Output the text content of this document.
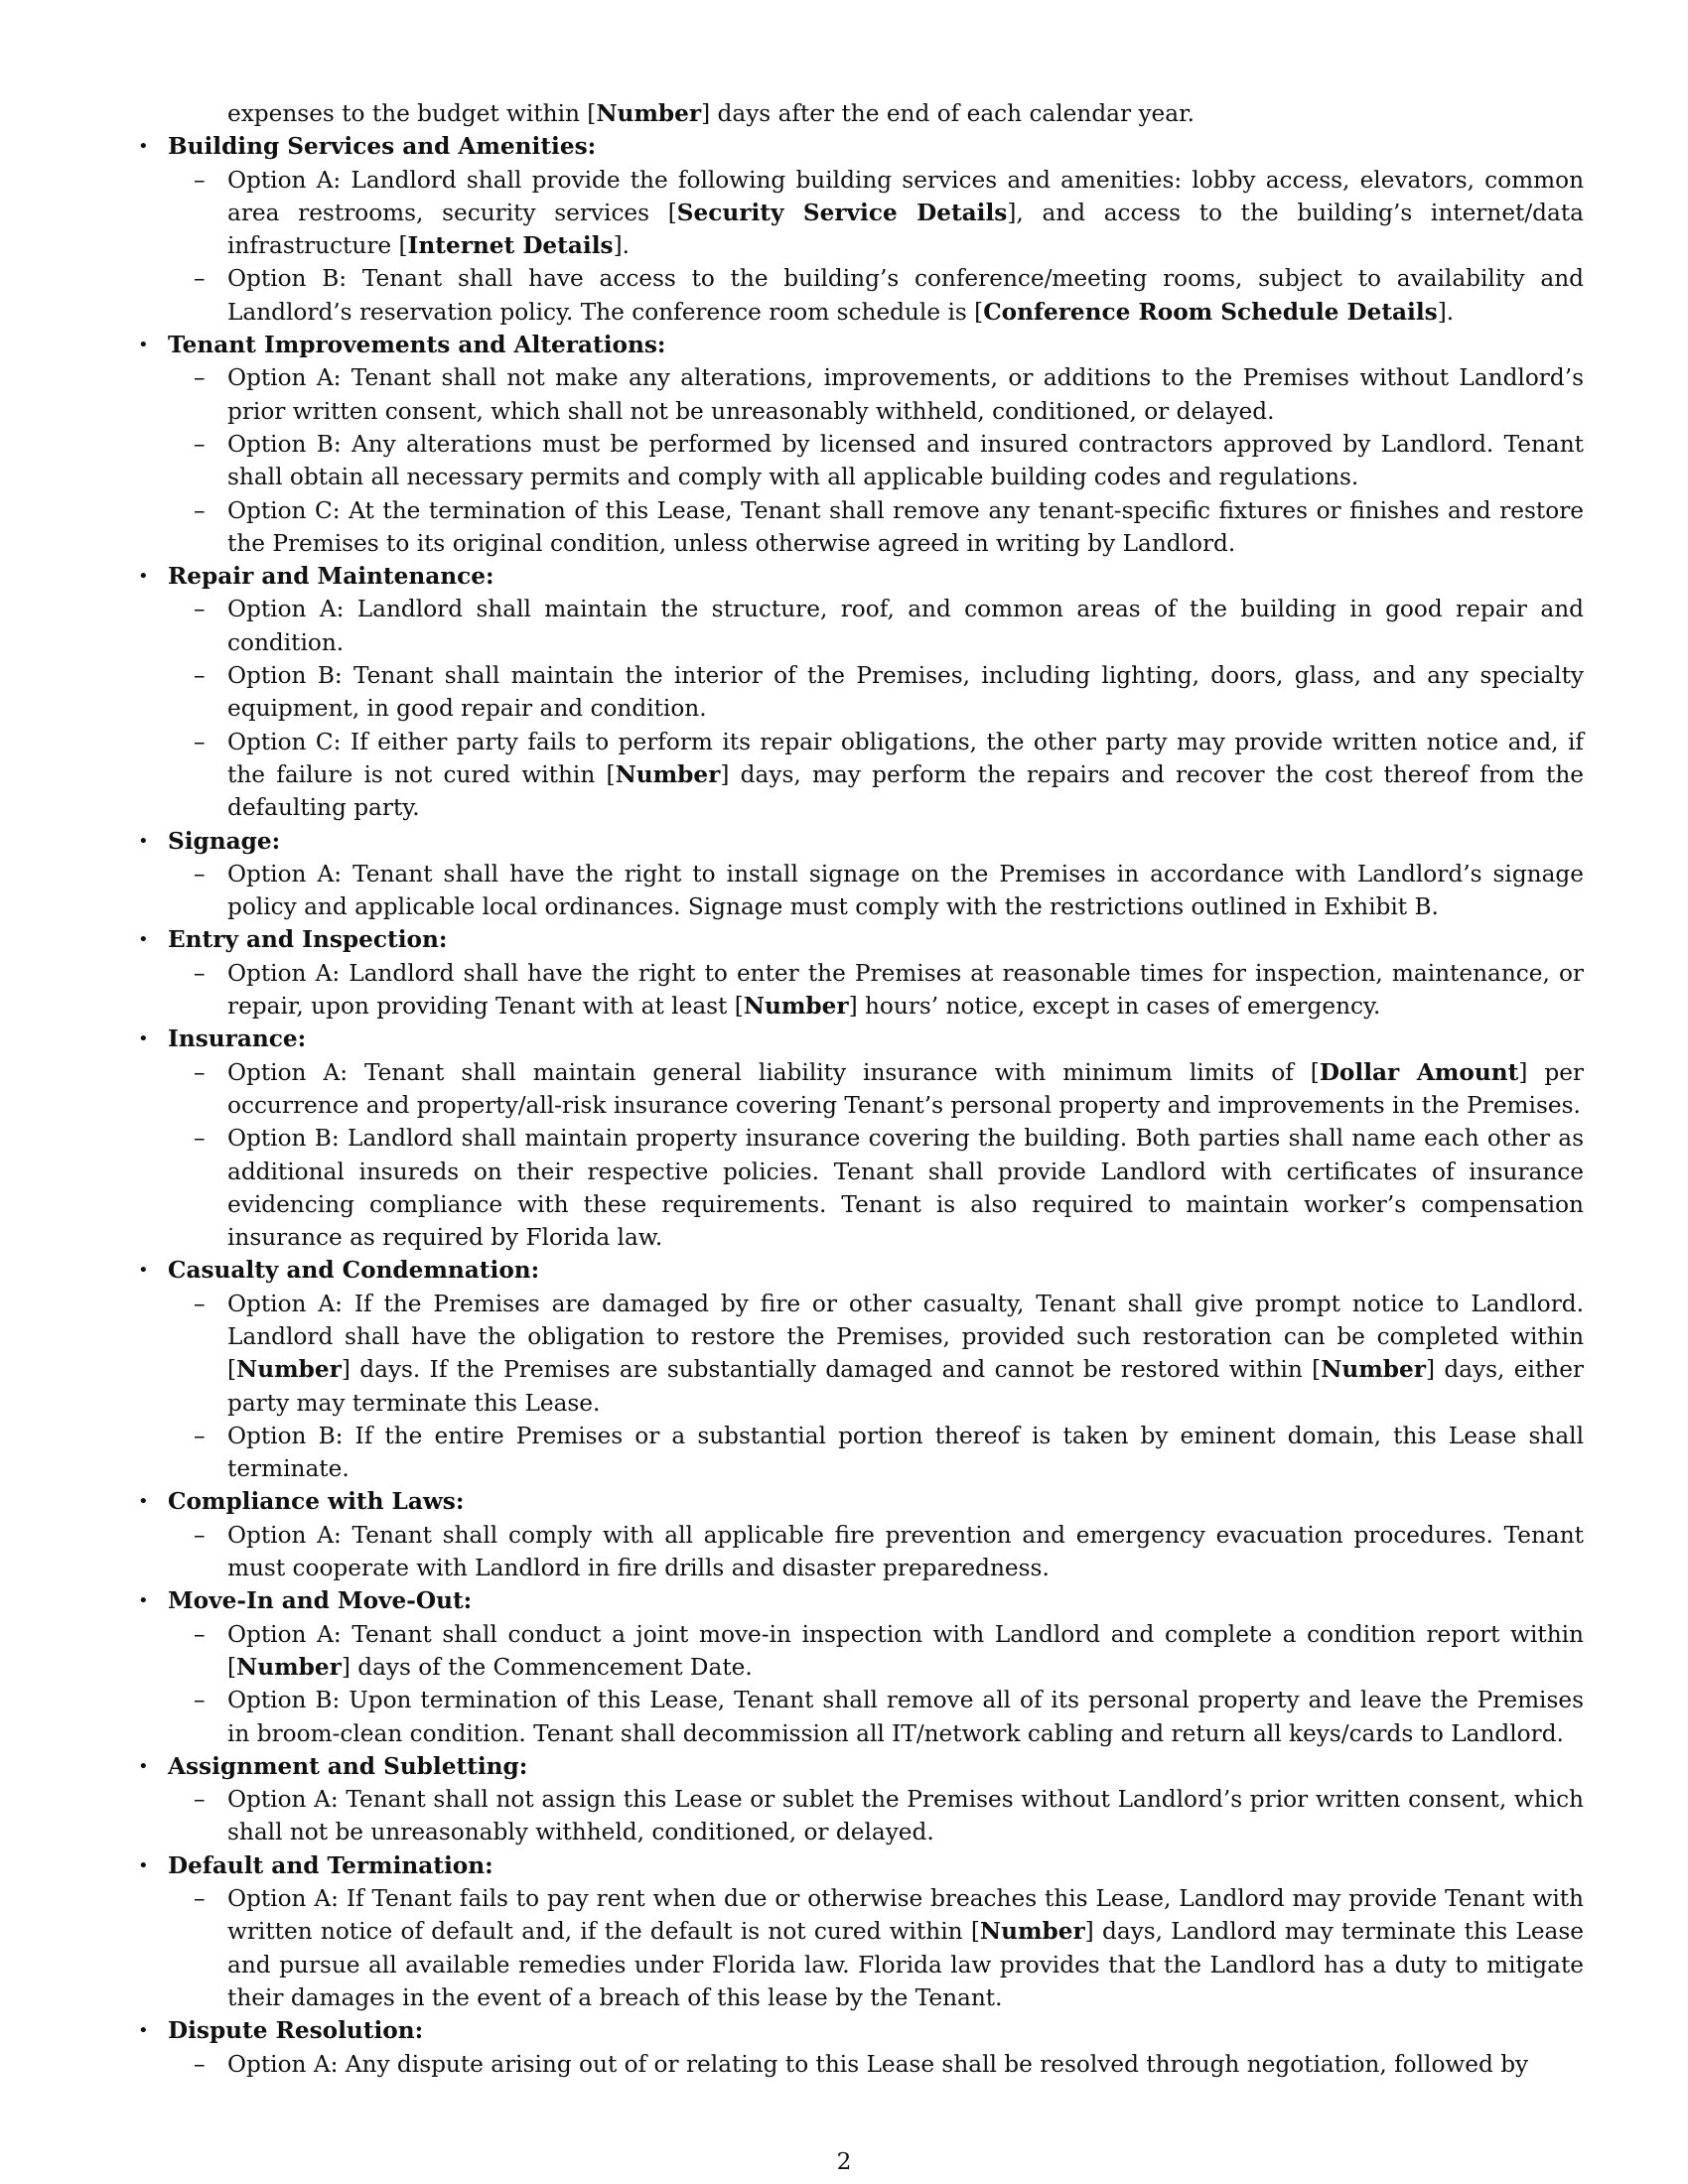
expenses to the budget within [Number] days after the end of each calendar year.
• Building Services and Amenities:
– Option A: Landlord shall provide the following building services and amenities: lobby access, elevators, common area restrooms, security services [Security Service Details], and access to the building’s internet/data infrastructure [Internet Details].
– Option B: Tenant shall have access to the building’s conference/meeting rooms, subject to availability and Landlord’s reservation policy. The conference room schedule is [Conference Room Schedule Details].
• Tenant Improvements and Alterations:
– Option A: Tenant shall not make any alterations, improvements, or additions to the Premises without Landlord’s prior written consent, which shall not be unreasonably withheld, conditioned, or delayed.
– Option B: Any alterations must be performed by licensed and insured contractors approved by Landlord. Tenant shall obtain all necessary permits and comply with all applicable building codes and regulations.
– Option C: At the termination of this Lease, Tenant shall remove any tenant-specific fixtures or finishes and restore the Premises to its original condition, unless otherwise agreed in writing by Landlord.
• Repair and Maintenance:
– Option A: Landlord shall maintain the structure, roof, and common areas of the building in good repair and condition.
– Option B: Tenant shall maintain the interior of the Premises, including lighting, doors, glass, and any specialty equipment, in good repair and condition.
– Option C: If either party fails to perform its repair obligations, the other party may provide written notice and, if the failure is not cured within [Number] days, may perform the repairs and recover the cost thereof from the defaulting party.
• Signage:
– Option A: Tenant shall have the right to install signage on the Premises in accordance with Landlord’s signage policy and applicable local ordinances. Signage must comply with the restrictions outlined in Exhibit B.
• Entry and Inspection:
– Option A: Landlord shall have the right to enter the Premises at reasonable times for inspection, maintenance, or repair, upon providing Tenant with at least [Number] hours’ notice, except in cases of emergency.
• Insurance:
– Option A: Tenant shall maintain general liability insurance with minimum limits of [Dollar Amount] per occurrence and property/all-risk insurance covering Tenant’s personal property and improvements in the Premises.
– Option B: Landlord shall maintain property insurance covering the building. Both parties shall name each other as additional insureds on their respective policies. Tenant shall provide Landlord with certificates of insurance evidencing compliance with these requirements. Tenant is also required to maintain worker’s compensation insurance as required by Florida law.
• Casualty and Condemnation:
– Option A: If the Premises are damaged by fire or other casualty, Tenant shall give prompt notice to Landlord. Landlord shall have the obligation to restore the Premises, provided such restoration can be completed within [Number] days. If the Premises are substantially damaged and cannot be restored within [Number] days, either party may terminate this Lease.
– Option B: If the entire Premises or a substantial portion thereof is taken by eminent domain, this Lease shall terminate.
• Compliance with Laws:
– Option A: Tenant shall comply with all applicable fire prevention and emergency evacuation procedures. Tenant must cooperate with Landlord in fire drills and disaster preparedness.
• Move-In and Move-Out:
– Option A: Tenant shall conduct a joint move-in inspection with Landlord and complete a condition report within [Number] days of the Commencement Date.
– Option B: Upon termination of this Lease, Tenant shall remove all of its personal property and leave the Premises in broom-clean condition. Tenant shall decommission all IT/network cabling and return all keys/cards to Landlord.
• Assignment and Subletting:
– Option A: Tenant shall not assign this Lease or sublet the Premises without Landlord’s prior written consent, which shall not be unreasonably withheld, conditioned, or delayed.
• Default and Termination:
– Option A: If Tenant fails to pay rent when due or otherwise breaches this Lease, Landlord may provide Tenant with written notice of default and, if the default is not cured within [Number] days, Landlord may terminate this Lease and pursue all available remedies under Florida law. Florida law provides that the Landlord has a duty to mitigate their damages in the event of a breach of this lease by the Tenant.
• Dispute Resolution:
– Option A: Any dispute arising out of or relating to this Lease shall be resolved through negotiation, followed by
2
